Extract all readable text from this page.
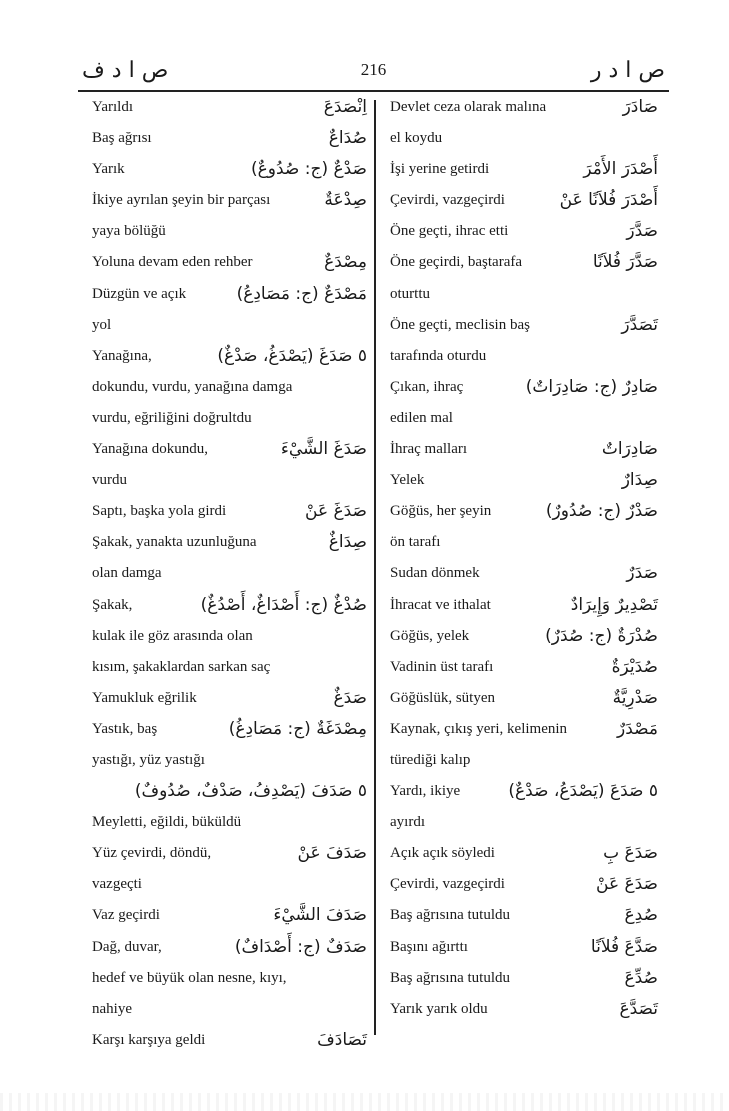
ص ا د ف	216	ص ا د ر
Yarıldı	اِنْصَدَعَ
Baş ağrısı	صُدَاعٌ
Yarık	صَدْعٌ (ج: صُدُوعٌ)
İkiye ayrılan şeyin bir parçası	صِدْعَةٌ
yaya bölüğü
Yoluna devam eden rehber	مِصْدَعٌ
Düzgün ve açık	مَصْدَعٌ (ج: مَصَادِعُ)
yol
Yanağına,	٥ صَدَغَ (يَصْدَغُ، صَدْغٌ)
dokundu, vurdu, yanağına damga
vurdu, eğriliğini doğrultdu
Yanağına dokundu,	صَدَغَ الشَّيْءَ
vurdu
Saptı, başka yola girdi	صَدَغَ عَنْ
Şakak, yanakta uzunluğuna	صِدَاغٌ
olan damga
Şakak,	صُدْغٌ (ج: أَصْدَاغٌ، أَصْدُغٌ)
kulak ile göz arasında olan
kısım, şakaklardan sarkan saç
Yamukluk eğrilik	صَدَغٌ
Yastık, baş	مِصْدَغَةٌ (ج: مَصَادِغُ)
yastığı, yüz yastığı
٥ صَدَفَ (يَصْدِفُ، صَدْفٌ، صُدُوفٌ)
Meyletti, eğildi, büküldü
Yüz çevirdi, döndü,	صَدَفَ عَنْ
vazgeçti
Vaz geçirdi	صَدَفَ الشَّيْءَ
Dağ, duvar,	صَدَفٌ (ج: أَصْدَافٌ)
hedef ve büyük olan nesne, kıyı,
nahiye
Karşı karşıya geldi	تَصَادَفَ
Devlet ceza olarak malına	صَادَرَ
el koydu
İşi yerine getirdi	أَصْدَرَ الأَمْرَ
Çevirdi, vazgeçirdi	أَصْدَرَ فُلاَنًا عَنْ
Öne geçti, ihrac etti	صَدَّرَ
Öne geçirdi, baştarafa	صَدَّرَ فُلاَنًا
oturttu
Öne geçti, meclisin baş	تَصَدَّرَ
tarafında oturdu
Çıkan, ihraç	صَادِرٌ (ج: صَادِرَاتٌ)
edilen mal
İhraç malları	صَادِرَاتٌ
Yelek	صِدَارٌ
Göğüs, her şeyin	صَدْرٌ (ج: صُدُورٌ)
ön tarafı
Sudan dönmek	صَدَرٌ
İhracat ve ithalat	تَصْدِيرٌ وَإِيرَادٌ
Göğüs, yelek	صُدْرَةٌ (ج: صُدَرٌ)
Vadinin üst tarafı	صُدَيْرَةٌ
Göğüslük, sütyen	صَدْرِيَّةٌ
Kaynak, çıkış yeri, kelimenin	مَصْدَرٌ
türediği kalıp
Yardı, ikiye	٥ صَدَعَ (يَصْدَعُ، صَدْعٌ)
ayırdı
Açık açık söyledi	صَدَعَ بِ
Çevirdi, vazgeçirdi	صَدَعَ عَنْ
Baş ağrısına tutuldu	صُدِعَ
Başını ağırttı	صَدَّعَ فُلاَنًا
Baş ağrısına tutuldu	صُدِّعَ
Yarık yarık oldu	تَصَدَّعَ
